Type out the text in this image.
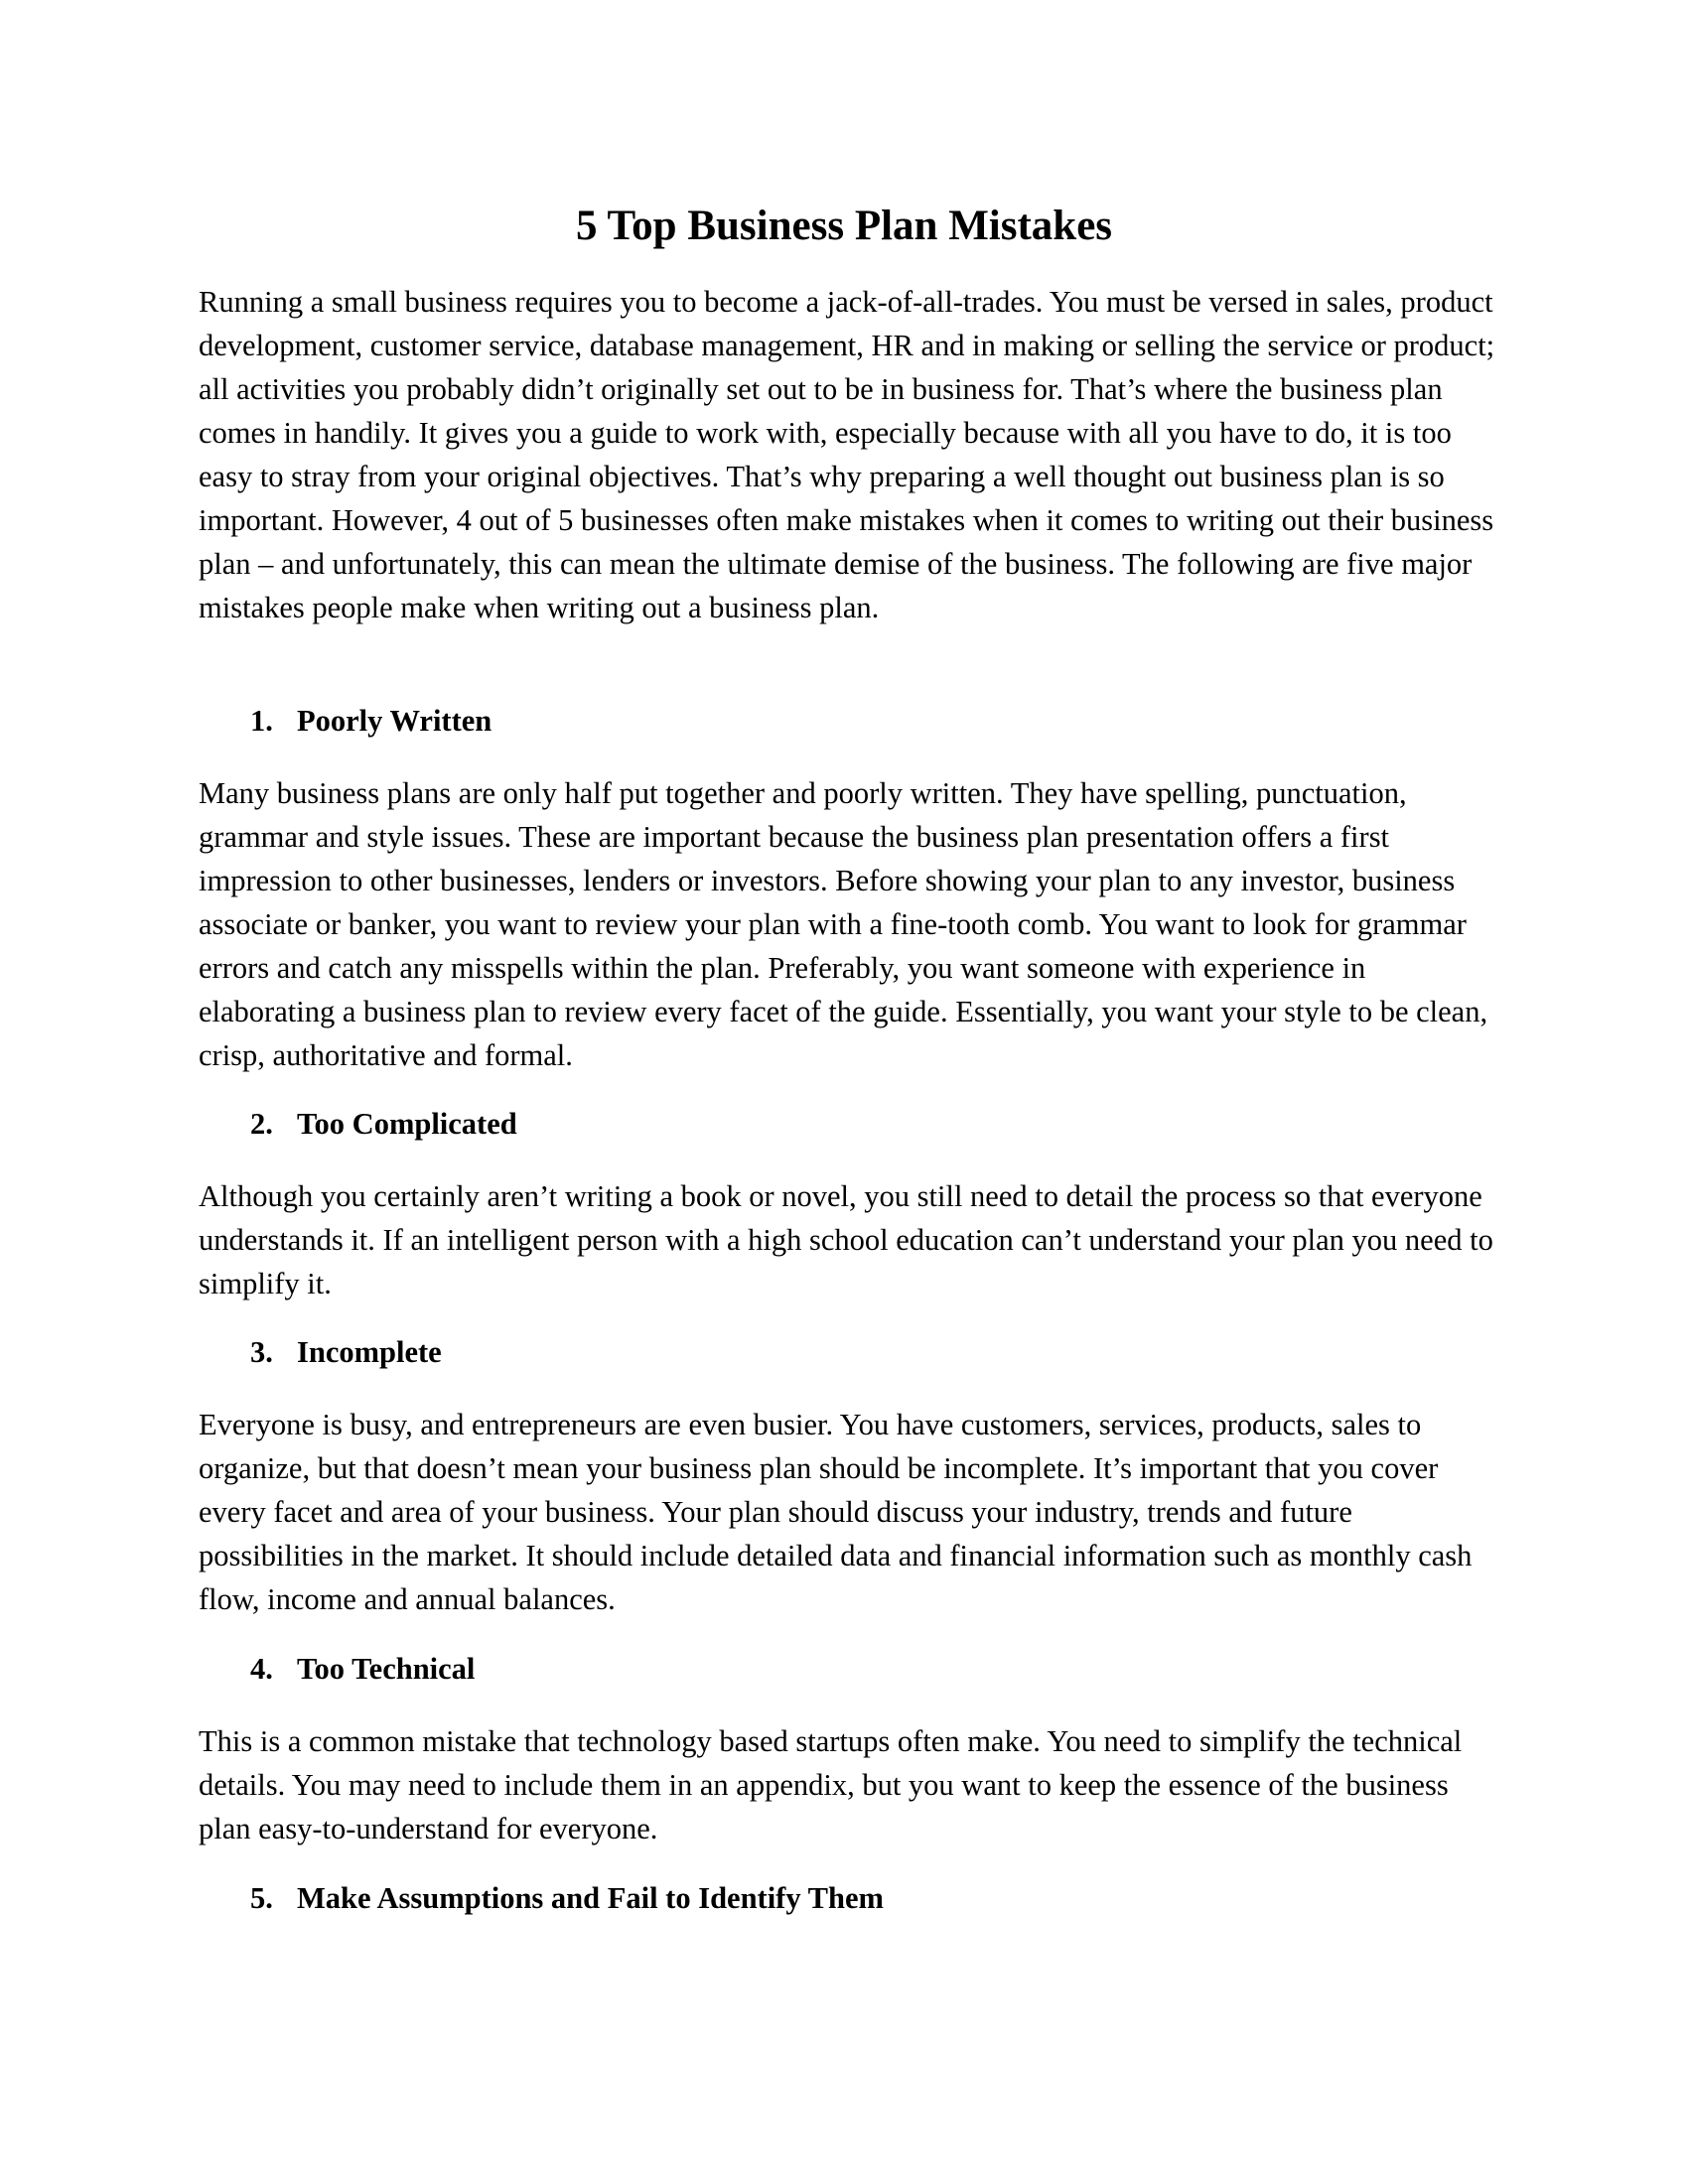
5 Top Business Plan Mistakes

Running a small business requires you to become a jack-of-all-trades. You must be versed in sales, product development, customer service, database management, HR and in making or selling the service or product; all activities you probably didn’t originally set out to be in business for. That’s where the business plan comes in handily. It gives you a guide to work with, especially because with all you have to do, it is too easy to stray from your original objectives. That’s why preparing a well thought out business plan is so important. However, 4 out of 5 businesses often make mistakes when it comes to writing out their business plan – and unfortunately, this can mean the ultimate demise of the business. The following are five major mistakes people make when writing out a business plan.

1. Poorly Written

Many business plans are only half put together and poorly written. They have spelling, punctuation, grammar and style issues. These are important because the business plan presentation offers a first impression to other businesses, lenders or investors. Before showing your plan to any investor, business associate or banker, you want to review your plan with a fine-tooth comb. You want to look for grammar errors and catch any misspells within the plan. Preferably, you want someone with experience in elaborating a business plan to review every facet of the guide. Essentially, you want your style to be clean, crisp, authoritative and formal.

2. Too Complicated

Although you certainly aren’t writing a book or novel, you still need to detail the process so that everyone understands it. If an intelligent person with a high school education can’t understand your plan you need to simplify it.

3. Incomplete

Everyone is busy, and entrepreneurs are even busier. You have customers, services, products, sales to organize, but that doesn’t mean your business plan should be incomplete. It’s important that you cover every facet and area of your business. Your plan should discuss your industry, trends and future possibilities in the market. It should include detailed data and financial information such as monthly cash flow, income and annual balances.

4. Too Technical

This is a common mistake that technology based startups often make. You need to simplify the technical details. You may need to include them in an appendix, but you want to keep the essence of the business plan easy-to-understand for everyone.

5. Make Assumptions and Fail to Identify Them
